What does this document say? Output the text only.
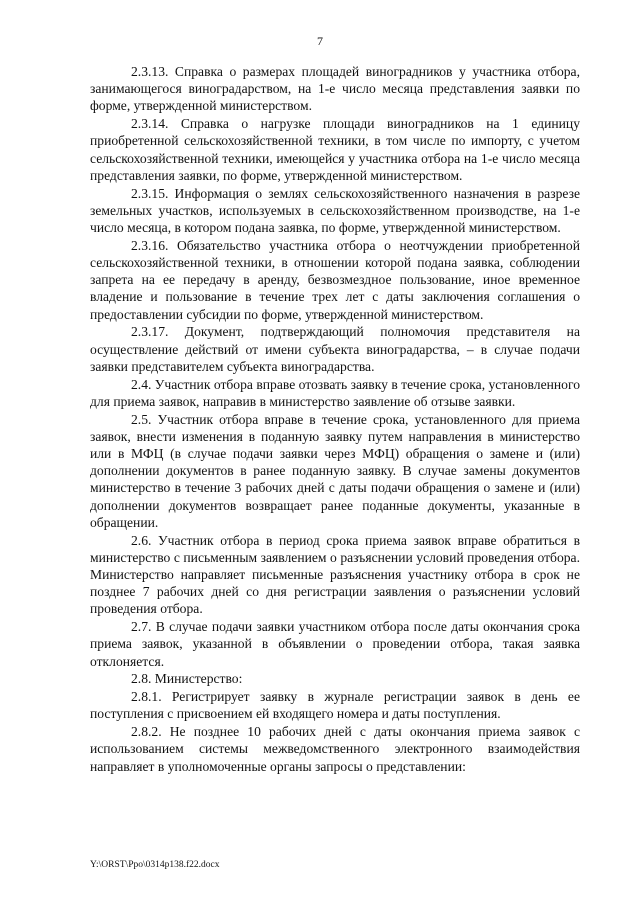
7

2.3.13. Справка о размерах площадей виноградников у участника отбора, занимающегося виноградарством, на 1-е число месяца представления заявки по форме, утвержденной министерством.

2.3.14. Справка о нагрузке площади виноградников на 1 единицу приобретенной сельскохозяйственной техники, в том числе по импорту, с учетом сельскохозяйственной техники, имеющейся у участника отбора на 1-е число месяца представления заявки, по форме, утвержденной министерством.

2.3.15. Информация о землях сельскохозяйственного назначения в разрезе земельных участков, используемых в сельскохозяйственном производстве, на 1-е число месяца, в котором подана заявка, по форме, утвержденной министерством.

2.3.16. Обязательство участника отбора о неотчуждении приобретенной сельскохозяйственной техники, в отношении которой подана заявка, соблюдении запрета на ее передачу в аренду, безвозмездное пользование, иное временное владение и пользование в течение трех лет с даты заключения соглашения о предоставлении субсидии по форме, утвержденной министерством.

2.3.17. Документ, подтверждающий полномочия представителя на осуществление действий от имени субъекта виноградарства, – в случае подачи заявки представителем субъекта виноградарства.

2.4. Участник отбора вправе отозвать заявку в течение срока, установленного для приема заявок, направив в министерство заявление об отзыве заявки.

2.5. Участник отбора вправе в течение срока, установленного для приема заявок, внести изменения в поданную заявку путем направления в министерство или в МФЦ (в случае подачи заявки через МФЦ) обращения о замене и (или) дополнении документов в ранее поданную заявку. В случае замены документов министерство в течение 3 рабочих дней с даты подачи обращения о замене и (или) дополнении документов возвращает ранее поданные документы, указанные в обращении.

2.6. Участник отбора в период срока приема заявок вправе обратиться в министерство с письменным заявлением о разъяснении условий проведения отбора. Министерство направляет письменные разъяснения участнику отбора в срок не позднее 7 рабочих дней со дня регистрации заявления о разъяснении условий проведения отбора.

2.7. В случае подачи заявки участником отбора после даты окончания срока приема заявок, указанной в объявлении о проведении отбора, такая заявка отклоняется.

2.8. Министерство:

2.8.1. Регистрирует заявку в журнале регистрации заявок в день ее поступления с присвоением ей входящего номера и даты поступления.

2.8.2. Не позднее 10 рабочих дней с даты окончания приема заявок с использованием системы межведомственного электронного взаимодействия направляет в уполномоченные органы запросы о представлении:

Y:\ORST\Ppo\0314p138.f22.docx
